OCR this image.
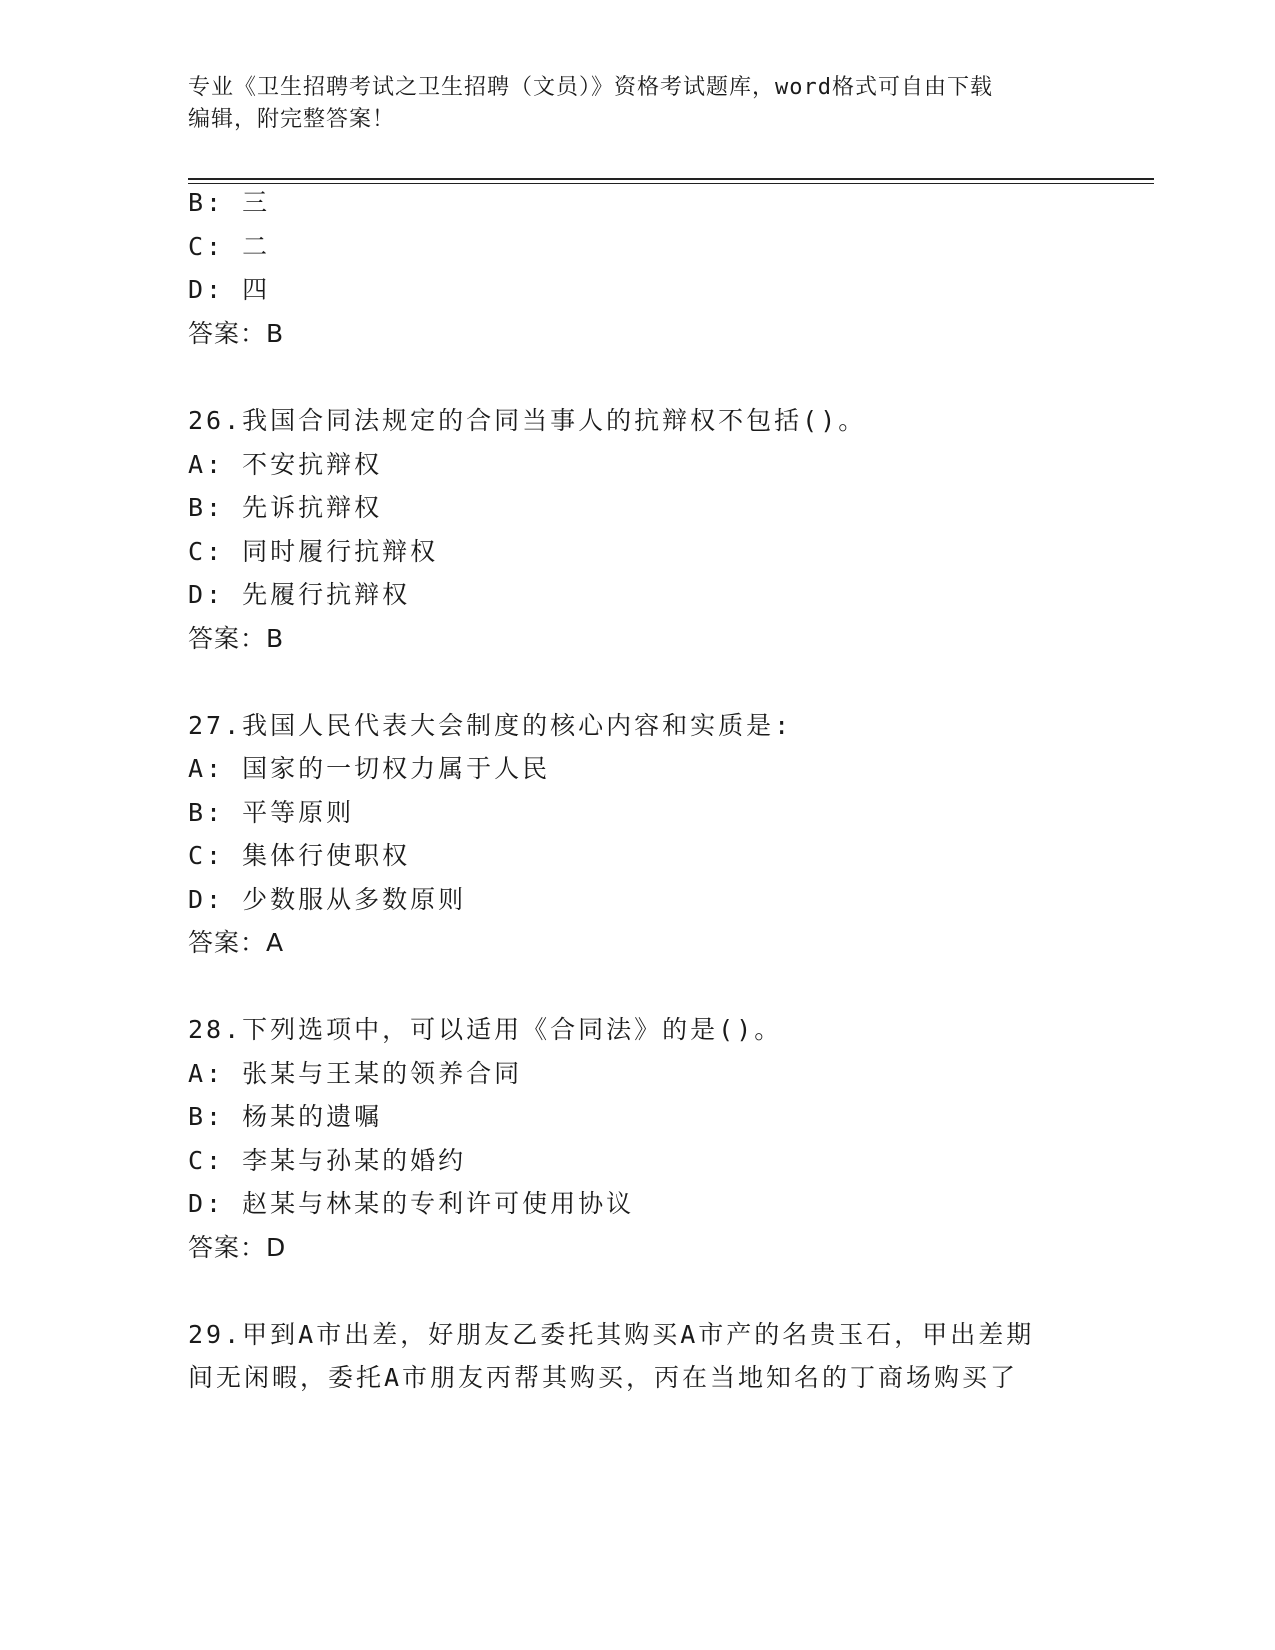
专业《卫生招聘考试之卫生招聘（文员）》资格考试题库，word格式可自由下载
编辑，附完整答案！
B: 三
C: 二
D: 四
答案：B
26.我国合同法规定的合同当事人的抗辩权不包括()。
A: 不安抗辩权
B: 先诉抗辩权
C: 同时履行抗辩权
D: 先履行抗辩权
答案：B
27.我国人民代表大会制度的核心内容和实质是:
A: 国家的一切权力属于人民
B: 平等原则
C: 集体行使职权
D: 少数服从多数原则
答案：A
28.下列选项中，可以适用《合同法》的是()。
A: 张某与王某的领养合同
B: 杨某的遗嘱
C: 李某与孙某的婚约
D: 赵某与林某的专利许可使用协议
答案：D
29.甲到A市出差，好朋友乙委托其购买A市产的名贵玉石，甲出差期
间无闲暇，委托A市朋友丙帮其购买，丙在当地知名的丁商场购买了
